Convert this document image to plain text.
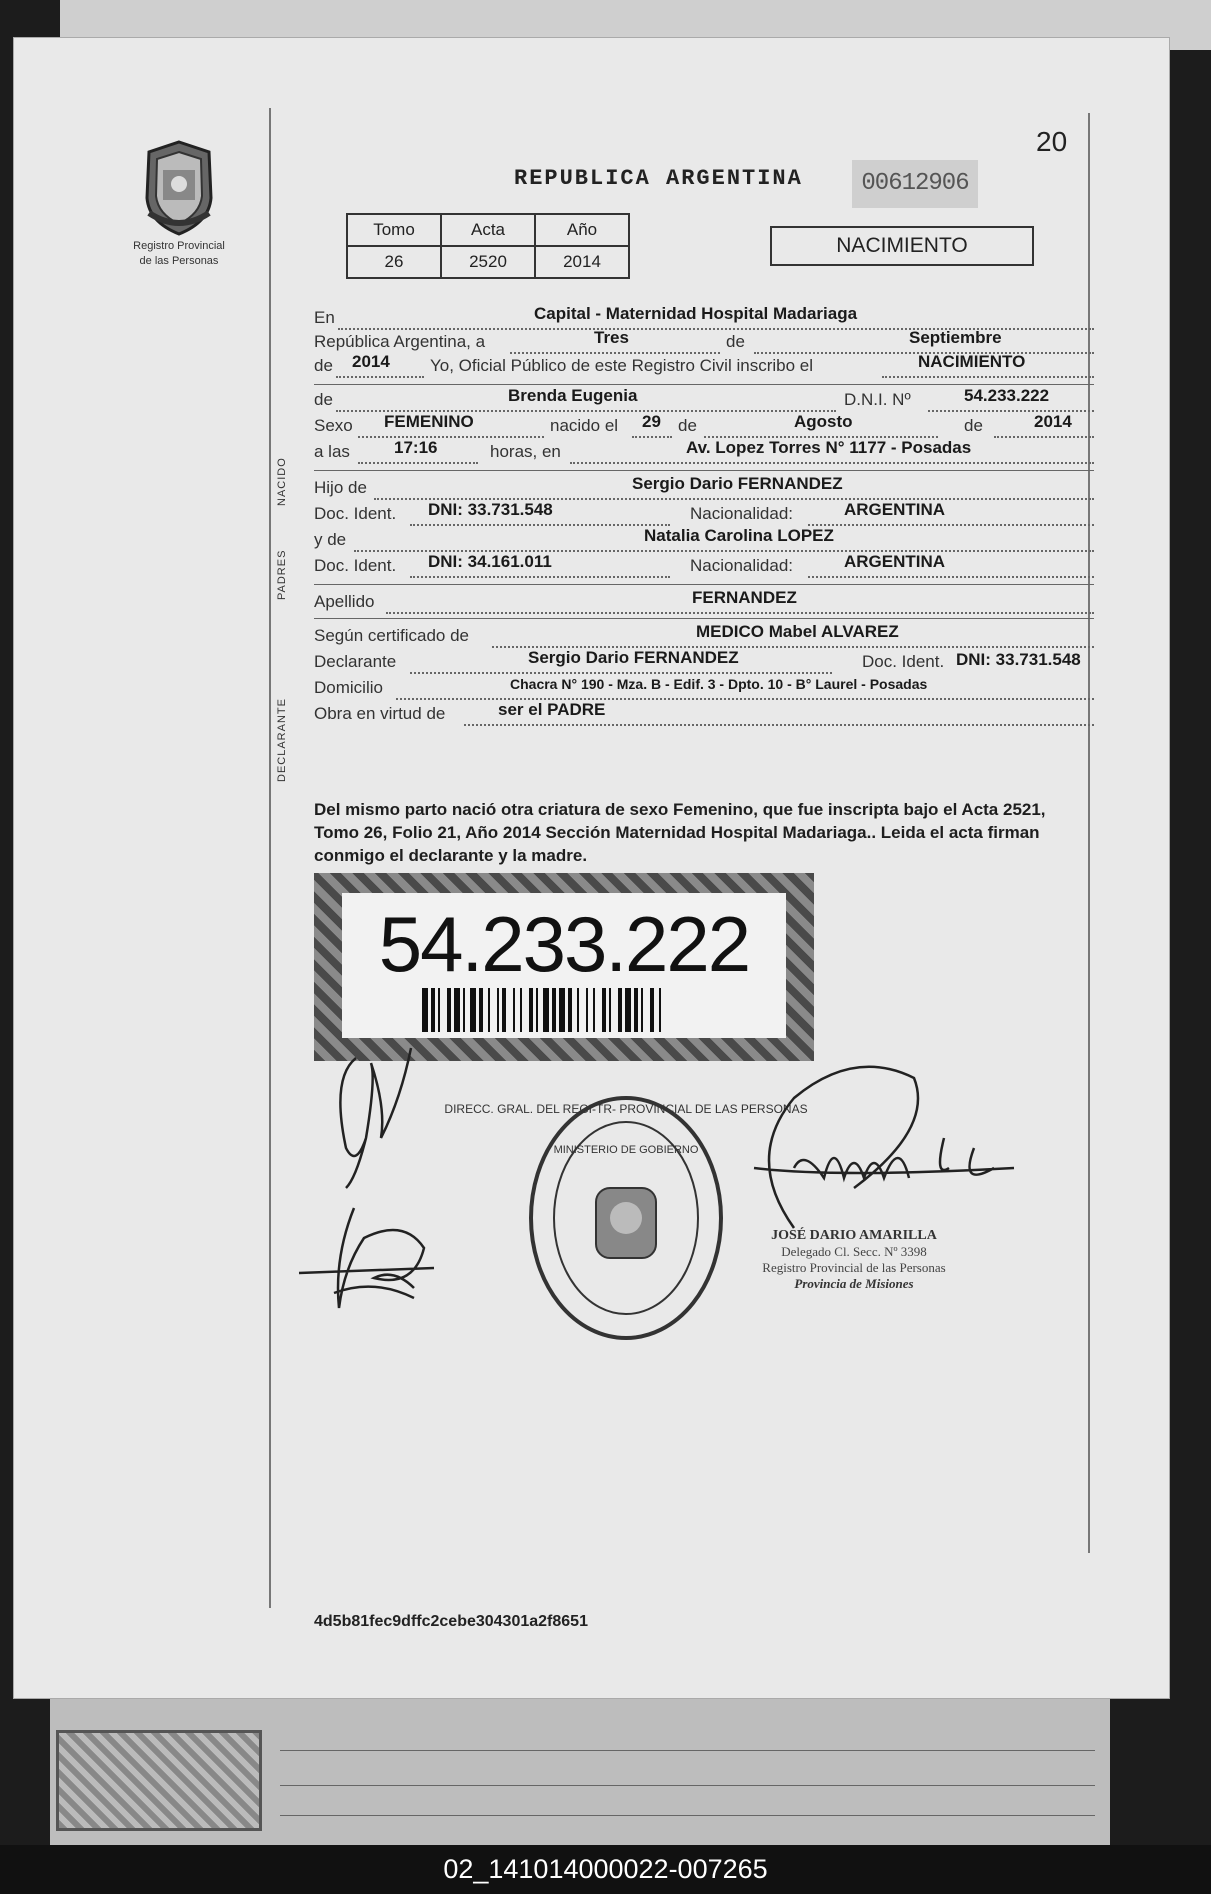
Registro Provincial
de las Personas
20
REPUBLICA ARGENTINA	00612906
Tomo	Acta	Año
26	2520	2014
NACIMIENTO
En	Capital - Maternidad Hospital Madariaga
República Argentina, a	Tres	de	Septiembre
de 2014 Yo, Oficial Público de este Registro Civil inscribo el	NACIMIENTO
NACIDO
de	Brenda Eugenia	D.N.I. Nº	54.233.222
Sexo FEMENINO	nacido el 29 de	Agosto	de	2014
a las	17:16	horas, en	Av. Lopez Torres N° 1177 - Posadas
PADRES
Hijo de	Sergio Dario FERNANDEZ
Doc. Ident. DNI: 33.731.548	Nacionalidad:	ARGENTINA
y de	Natalia Carolina LOPEZ
Doc. Ident. DNI: 34.161.011	Nacionalidad:	ARGENTINA
Apellido	FERNANDEZ
DECLARANTE
Según certificado de	MEDICO Mabel ALVAREZ
Declarante	Sergio Dario FERNANDEZ	Doc. Ident. DNI: 33.731.548
Domicilio	Chacra N° 190 - Mza. B - Edif. 3 - Dpto. 10 - B° Laurel - Posadas
Obra en virtud de	ser el PADRE
Del mismo parto nació otra criatura de sexo Femenino, que fue inscripta bajo el Acta 2521, Tomo 26, Folio 21, Año 2014 Sección Maternidad Hospital Madariaga.. Leida el acta firman conmigo el declarante y la madre.
54.233.222
DIRECC. GRAL. DEL REGI-TR- PROVINCIAL DE LAS PERSONAS
MINISTERIO DE GOBIERNO
JOSÉ DARIO AMARILLA
Delegado Cl. Secc. Nº 3398
Registro Provincial de las Personas
Provincia de Misiones
4d5b81fec9dffc2cebe304301a2f8651
02_141014000022-007265
